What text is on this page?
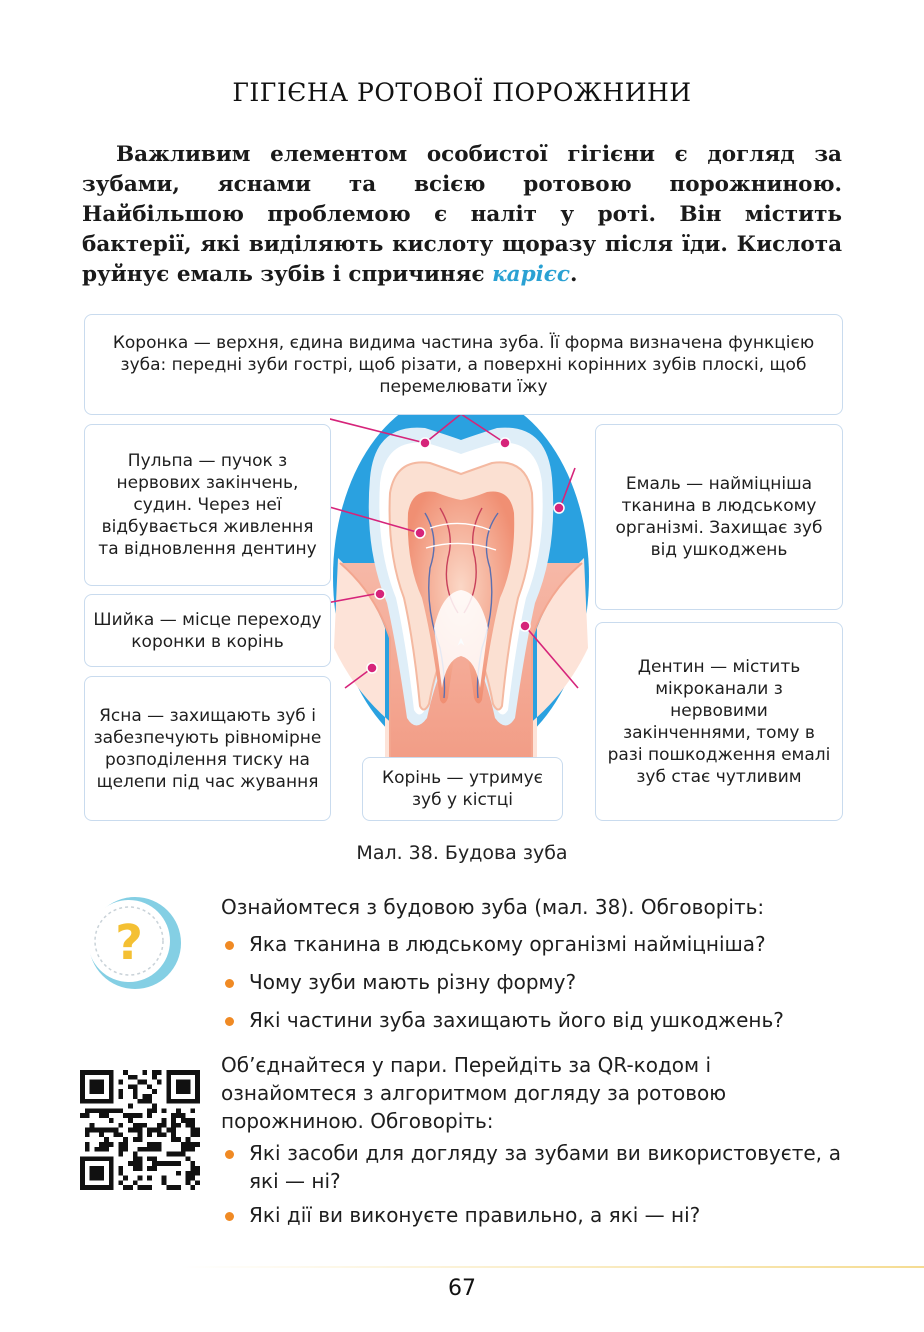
ГІГІЄНА РОТОВОЇ ПОРОЖНИНИ

Важливим елементом особистої гігієни є догляд за зубами, яснами та всією ротовою порожниною. Найбільшою проблемою є наліт у роті. Він містить бактерії, які виділяють кислоту щоразу після їди. Кислота руйнує емаль зубів і спричиняє карієс.

Коронка — верхня, єдина видима частина зуба. Її форма визначена функцією зуба: передні зуби гострі, щоб різати, а поверхні корінних зубів плоскі, щоб перемелювати їжу
Пульпа — пучок з нервових закінчень, судин. Через неї відбувається живлення та відновлення дентину
Шийка — місце переходу коронки в корінь
Ясна — захищають зуб і забезпечують рівномірне розподілення тиску на щелепи під час жування	Корінь — утримує зуб у кістці
Емаль — найміцніша тканина в людському організмі. Захищає зуб від ушкоджень
Дентин — містить мікроканали з нервовими закінченнями, тому в разі пошкодження емалі зуб стає чутливим
Мал. 38. Будова зуба
?
Ознайомтеся з будовою зуба (мал. 38). Обговоріть:
Яка тканина в людському організмі найміцніша?
Чому зуби мають різну форму?
Які частини зуба захищають його від ушкоджень?
Об’єднайтеся у пари. Перейдіть за QR-кодом і ознайомтеся з алгоритмом догляду за ротовою порожниною. Обговоріть:
Які засоби для догляду за зубами ви використовуєте, а які — ні?
Які дії ви виконуєте правильно, а які — ні?
67
